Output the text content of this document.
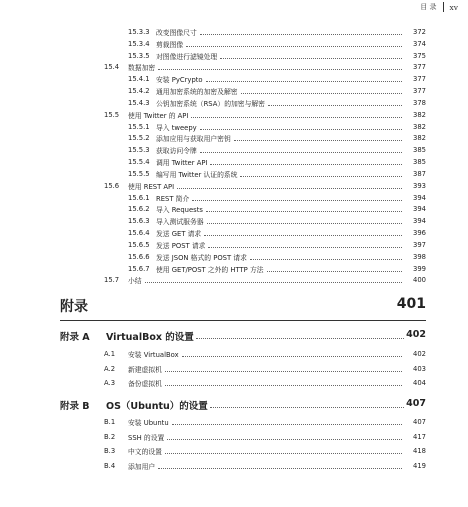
目 录 xv
15.3.3 改变图像尺寸	372
15.3.4 剪裁图像	374
15.3.5 对图像进行滤镜处理	375
15.4	数据加密	377
15.4.1 安装 PyCrypto	377
15.4.2 通用加密系统的加密及解密	377
15.4.3 公钥加密系统（RSA）的加密与解密	378
15.5	使用 Twitter 的 API	382
15.5.1 导入 tweepy	382
15.5.2 添加应用与获取用户密钥	382
15.5.3 获取访问令牌	385
15.5.4 调用 Twitter API	385
15.5.5 编写用 Twitter 认证的系统	387
15.6	使用 REST API	393
15.6.1 REST 简介	394
15.6.2 导入 Requests	394
15.6.3 导入测试服务器	394
15.6.4 发送 GET 请求	396
15.6.5 发送 POST 请求	397
15.6.6 发送 JSON 格式的 POST 请求	398
15.6.7 使用 GET/POST 之外的 HTTP 方法	399
15.7	小结	400
附录	401
附录 A VirtualBox 的设置	402
A.1	安装 VirtualBox	402
A.2	新建虚拟机	403
A.3	备份虚拟机	404
附录 B OS（Ubuntu）的设置	407
B.1	安装 Ubuntu	407
B.2	SSH 的设置	417
B.3	中文的设置	418
B.4	添加用户	419
